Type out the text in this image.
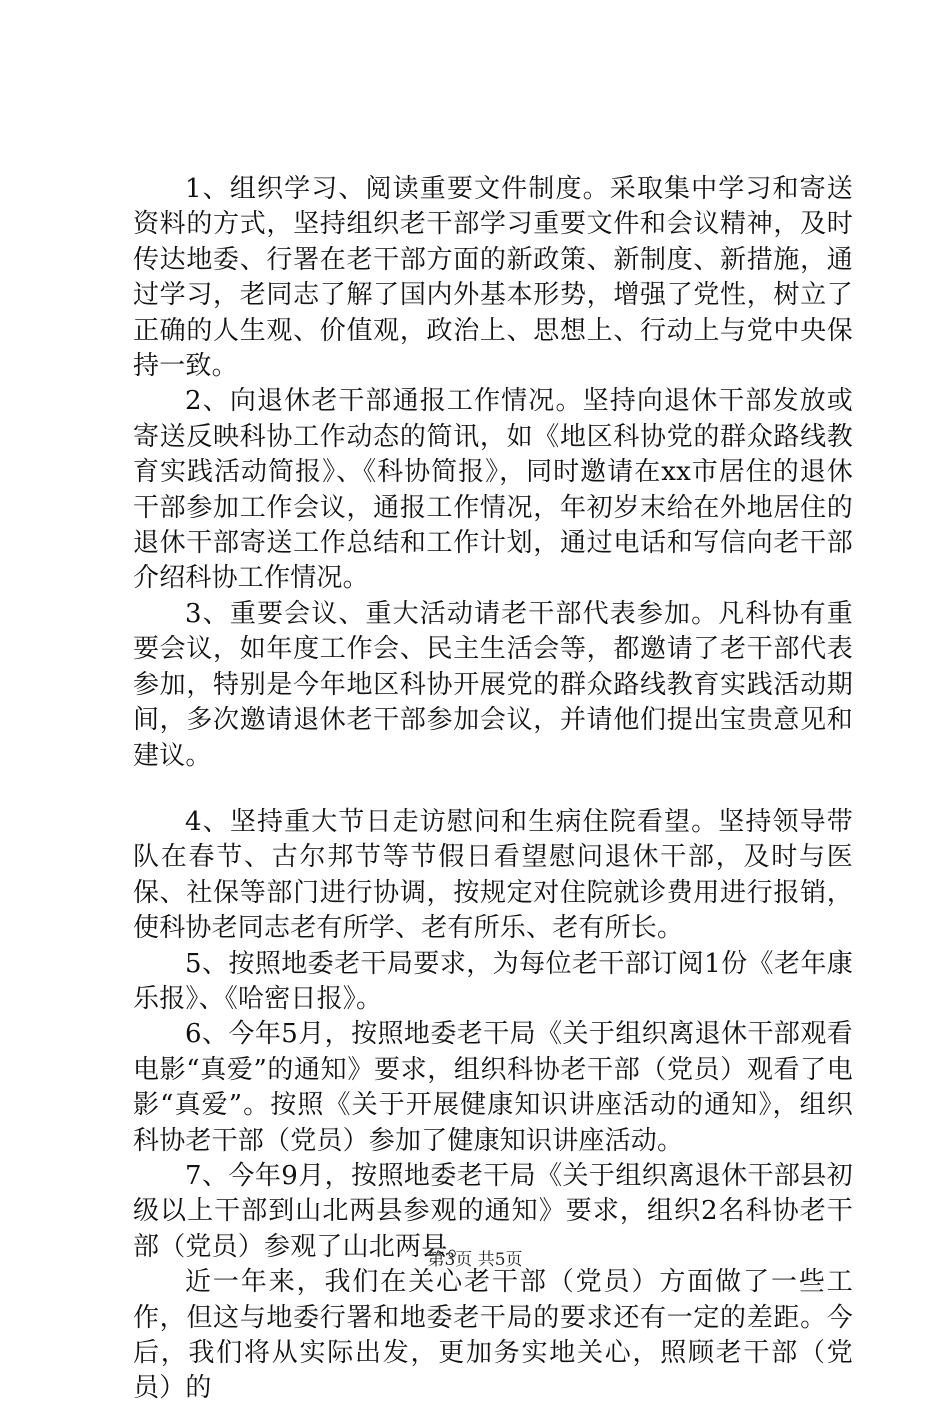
1、组织学习、阅读重要文件制度。采取集中学习和寄送资料的方式，坚持组织老干部学习重要文件和会议精神，及时传达地委、行署在老干部方面的新政策、新制度、新措施，通过学习，老同志了解了国内外基本形势，增强了党性，树立了正确的人生观、价值观，政治上、思想上、行动上与党中央保持一致。

2、向退休老干部通报工作情况。坚持向退休干部发放或寄送反映科协工作动态的简讯，如《地区科协党的群众路线教育实践活动简报》、《科协简报》，同时邀请在xx市居住的退休干部参加工作会议，通报工作情况，年初岁末给在外地居住的退休干部寄送工作总结和工作计划，通过电话和写信向老干部介绍科协工作情况。

3、重要会议、重大活动请老干部代表参加。凡科协有重要会议，如年度工作会、民主生活会等，都邀请了老干部代表参加，特别是今年地区科协开展党的群众路线教育实践活动期间，多次邀请退休老干部参加会议，并请他们提出宝贵意见和建议。

4、坚持重大节日走访慰问和生病住院看望。坚持领导带队在春节、古尔邦节等节假日看望慰问退休干部，及时与医保、社保等部门进行协调，按规定对住院就诊费用进行报销，使科协老同志老有所学、老有所乐、老有所长。

5、按照地委老干局要求，为每位老干部订阅1份《老年康乐报》、《哈密日报》。

6、今年5月，按照地委老干局《关于组织离退休干部观看电影“真爱”的通知》要求，组织科协老干部（党员）观看了电影“真爱”。按照《关于开展健康知识讲座活动的通知》，组织科协老干部（党员）参加了健康知识讲座活动。

7、今年9月，按照地委老干局《关于组织离退休干部县初级以上干部到山北两县参观的通知》要求，组织2名科协老干部（党员）参观了山北两县。

近一年来，我们在关心老干部（党员）方面做了一些工作，但这与地委行署和地委老干局的要求还有一定的差距。今后，我们将从实际出发，更加务实地关心，照顾老干部（党员）的

第3页 共5页
